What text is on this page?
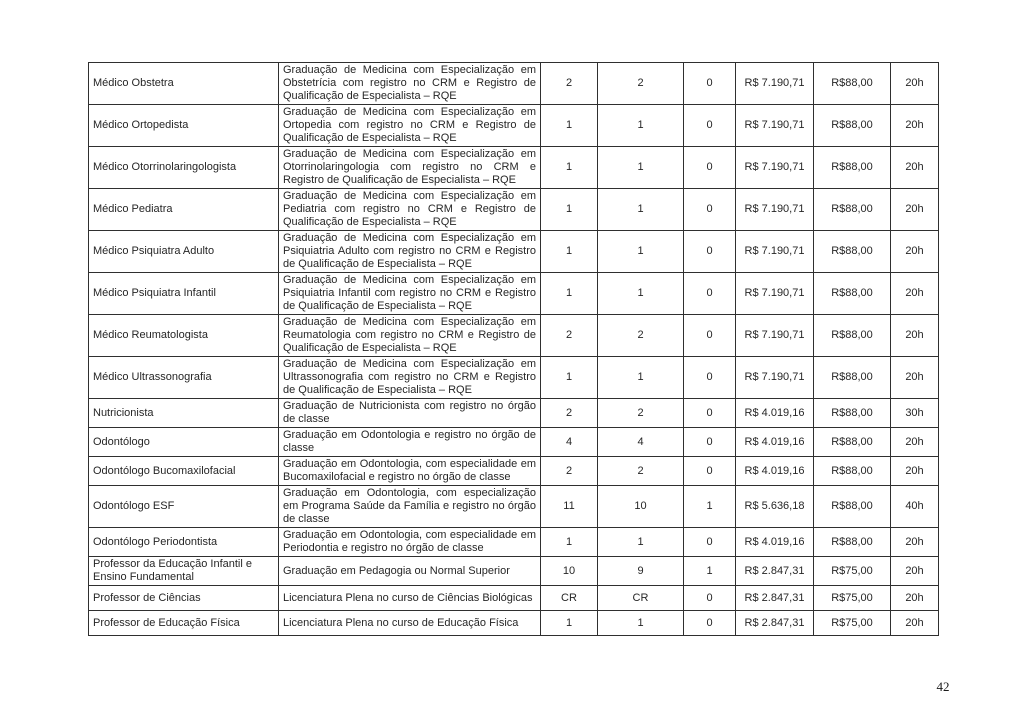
Médico Obstetra	Graduação de Medicina com Especialização em Obstetrícia com registro no CRM e Registro de Qualificação de Especialista – RQE	2	2	0	R$ 7.190,71	R$88,00	20h
Médico Ortopedista	Graduação de Medicina com Especialização em Ortopedia com registro no CRM e Registro de Qualificação de Especialista – RQE	1	1	0	R$ 7.190,71	R$88,00	20h
Médico Otorrinolaringologista	Graduação de Medicina com Especialização em Otorrinolaringologia com registro no CRM e Registro de Qualificação de Especialista – RQE	1	1	0	R$ 7.190,71	R$88,00	20h
Médico Pediatra	Graduação de Medicina com Especialização em Pediatria com registro no CRM e Registro de Qualificação de Especialista – RQE	1	1	0	R$ 7.190,71	R$88,00	20h
Médico Psiquiatra Adulto	Graduação de Medicina com Especialização em Psiquiatria Adulto com registro no CRM e Registro de Qualificação de Especialista – RQE	1	1	0	R$ 7.190,71	R$88,00	20h
Médico Psiquiatra Infantil	Graduação de Medicina com Especialização em Psiquiatria Infantil com registro no CRM e Registro de Qualificação de Especialista – RQE	1	1	0	R$ 7.190,71	R$88,00	20h
Médico Reumatologista	Graduação de Medicina com Especialização em Reumatologia com registro no CRM e Registro de Qualificação de Especialista – RQE	2	2	0	R$ 7.190,71	R$88,00	20h
Médico Ultrassonografia	Graduação de Medicina com Especialização em Ultrassonografia com registro no CRM e Registro de Qualificação de Especialista – RQE	1	1	0	R$ 7.190,71	R$88,00	20h
Nutricionista	Graduação de Nutricionista com registro no órgão de classe	2	2	0	R$ 4.019,16	R$88,00	30h
Odontólogo	Graduação em Odontologia e registro no órgão de classe	4	4	0	R$ 4.019,16	R$88,00	20h
Odontólogo Bucomaxilofacial	Graduação em Odontologia, com especialidade em Bucomaxilofacial e registro no órgão de classe	2	2	0	R$ 4.019,16	R$88,00	20h
Odontólogo ESF	Graduação em Odontologia, com especialização em Programa Saúde da Família e registro no órgão de classe	11	10	1	R$ 5.636,18	R$88,00	40h
Odontólogo Periodontista	Graduação em Odontologia, com especialidade em Periodontia e registro no órgão de classe	1	1	0	R$ 4.019,16	R$88,00	20h
Professor da Educação Infantil e Ensino Fundamental	Graduação em Pedagogia ou Normal Superior	10	9	1	R$ 2.847,31	R$75,00	20h
Professor de Ciências	Licenciatura Plena no curso de Ciências Biológicas	CR	CR	0	R$ 2.847,31	R$75,00	20h
Professor de Educação Física	Licenciatura Plena no curso de Educação Física	1	1	0	R$ 2.847,31	R$75,00	20h
42
